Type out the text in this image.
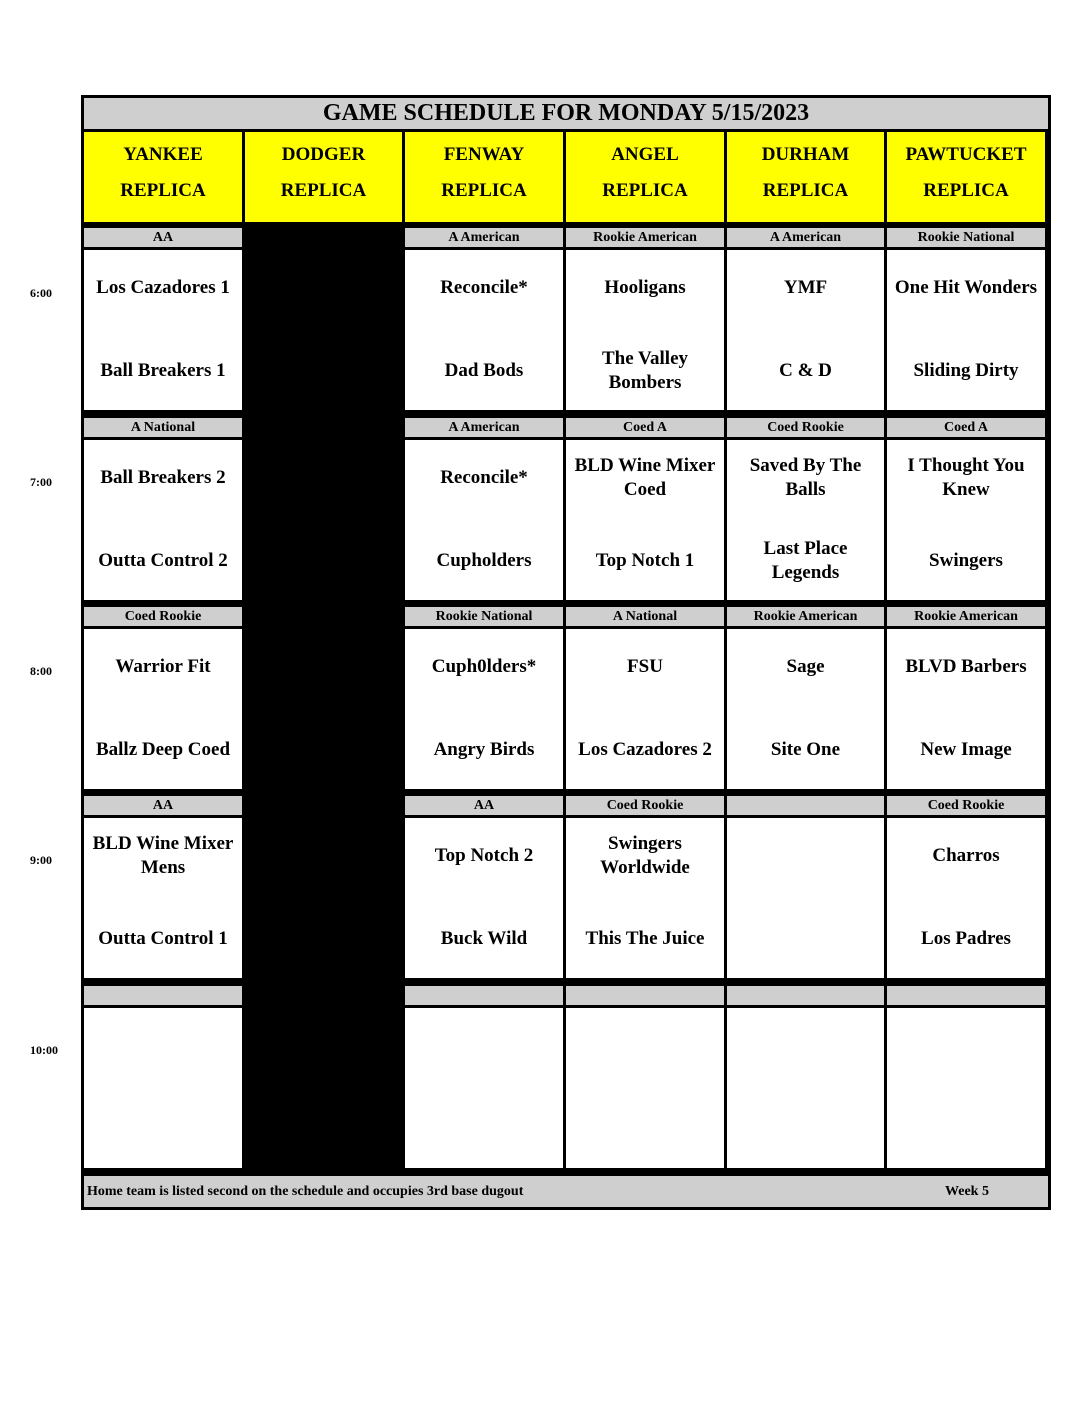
GAME SCHEDULE FOR MONDAY 5/15/2023
YANKEE
REPLICA
DODGER
REPLICA
FENWAY
REPLICA
ANGEL
REPLICA
DURHAM
REPLICA
PAWTUCKET
REPLICA
AA
Los Cazadores 1
Ball Breakers 1
A American
Reconcile*
Dad Bods
Rookie American
Hooligans
The Valley Bombers
A American
YMF
C & D
Rookie National
One Hit Wonders
Sliding Dirty
A National
Ball Breakers 2
Outta Control 2
A American
Reconcile*
Cupholders
Coed A
BLD Wine Mixer Coed
Top Notch 1
Coed Rookie
Saved By The Balls
Last Place Legends
Coed A
I Thought You Knew
Swingers
Coed Rookie
Warrior Fit
Ballz Deep Coed
Rookie National
Cuph0lders*
Angry Birds
A National
FSU
Los Cazadores 2
Rookie American
Sage
Site One
Rookie American
BLVD Barbers
New Image
AA
BLD Wine Mixer Mens
Outta Control 1
AA
Top Notch 2
Buck Wild
Coed Rookie
Swingers Worldwide
This The Juice
Coed Rookie
Charros
Los Padres
Home team is listed second on the schedule and occupies 3rd base dugout	Week 5
6:00
7:00
8:00
9:00
10:00
